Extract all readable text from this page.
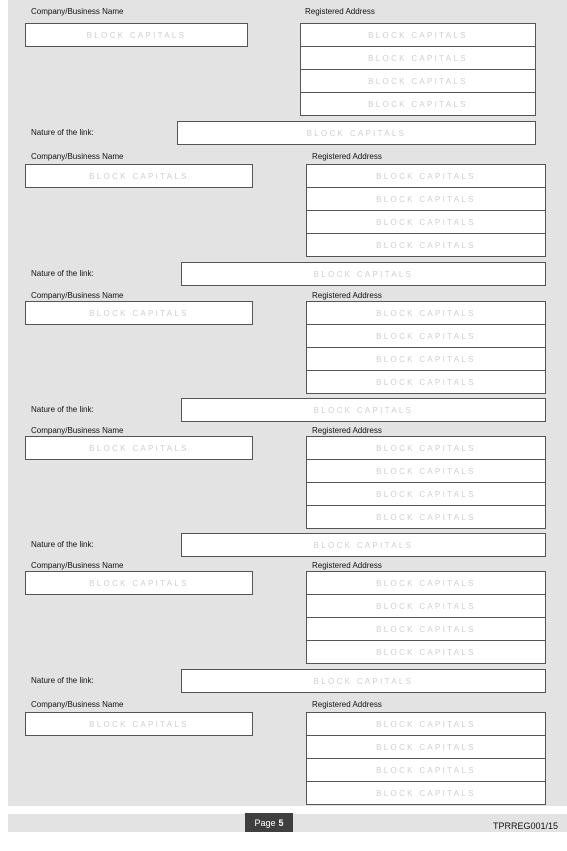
Company/Business Name	Registered Address
BLOCK CAPITALS	BLOCK CAPITALS
BLOCK CAPITALS
BLOCK CAPITALS
BLOCK CAPITALS
Nature of the link:	BLOCK CAPITALS
Company/Business Name	Registered Address
BLOCK CAPITALS	BLOCK CAPITALS
BLOCK CAPITALS
BLOCK CAPITALS
BLOCK CAPITALS
Nature of the link:	BLOCK CAPITALS
Company/Business Name	Registered Address
BLOCK CAPITALS	BLOCK CAPITALS
BLOCK CAPITALS
BLOCK CAPITALS
BLOCK CAPITALS
Nature of the link:	BLOCK CAPITALS
Company/Business Name	Registered Address
BLOCK CAPITALS	BLOCK CAPITALS
BLOCK CAPITALS
BLOCK CAPITALS
BLOCK CAPITALS
Nature of the link:	BLOCK CAPITALS
Company/Business Name	Registered Address
BLOCK CAPITALS	BLOCK CAPITALS
BLOCK CAPITALS
BLOCK CAPITALS
BLOCK CAPITALS
Nature of the link:	BLOCK CAPITALS
Company/Business Name	Registered Address
BLOCK CAPITALS	BLOCK CAPITALS
BLOCK CAPITALS
BLOCK CAPITALS
BLOCK CAPITALS
Page 5	TPRREG001/15
